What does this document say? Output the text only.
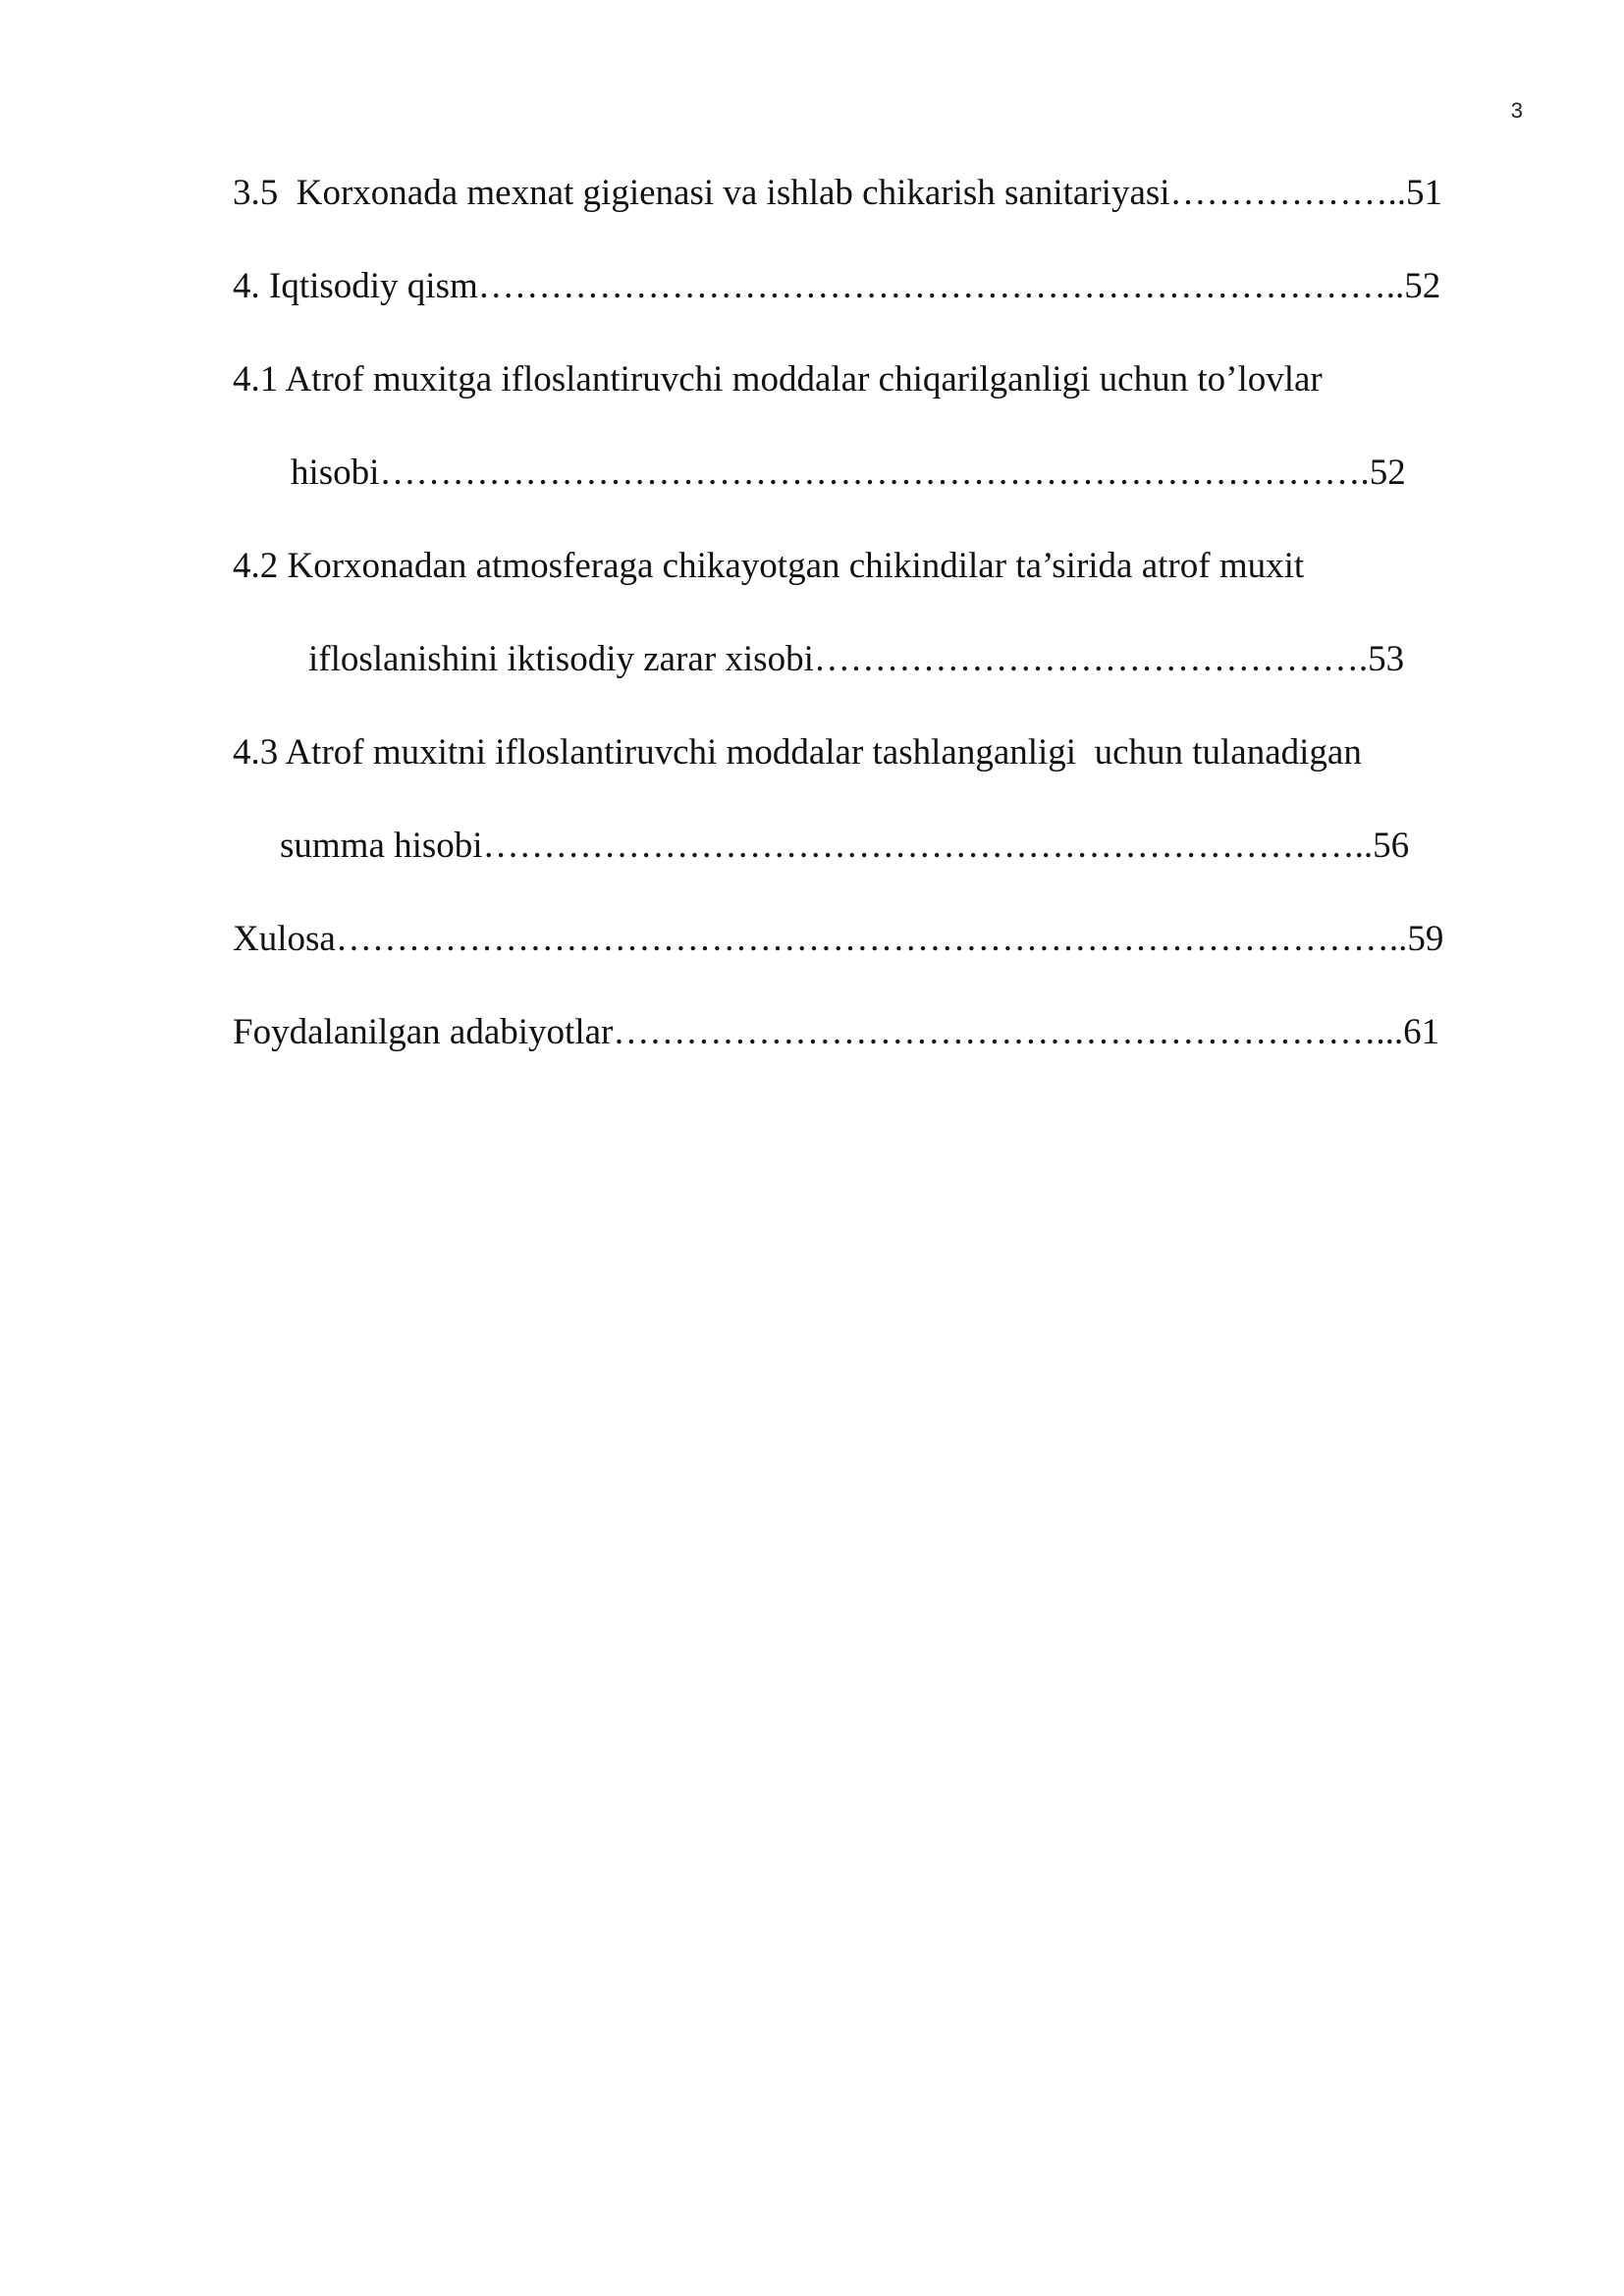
3
3.5  Korxonada mexnat gigienasi va ishlab chikarish sanitariyasi………………..51
4. Iqtisodiy qism…………………………………………………………………..52
4.1 Atrof muxitga ifloslantiruvchi moddalar chiqarilganligi uchun to’lovlar
hisobi……………………………………………………………………….52
4.2 Korxonadan atmosferaga chikayotgan chikindilar ta’sirida atrof muxit
ifloslanishini iktisodiy zarar xisobi……………………………………….53
4.3 Atrof muxitni ifloslantiruvchi moddalar tashlanganligi  uchun tulanadigan
summa hisobi………………………………………………………………..56
Xulosa……………………………………………………………………………..59
Foydalanilgan adabiyotlar………………………………………………………...61
